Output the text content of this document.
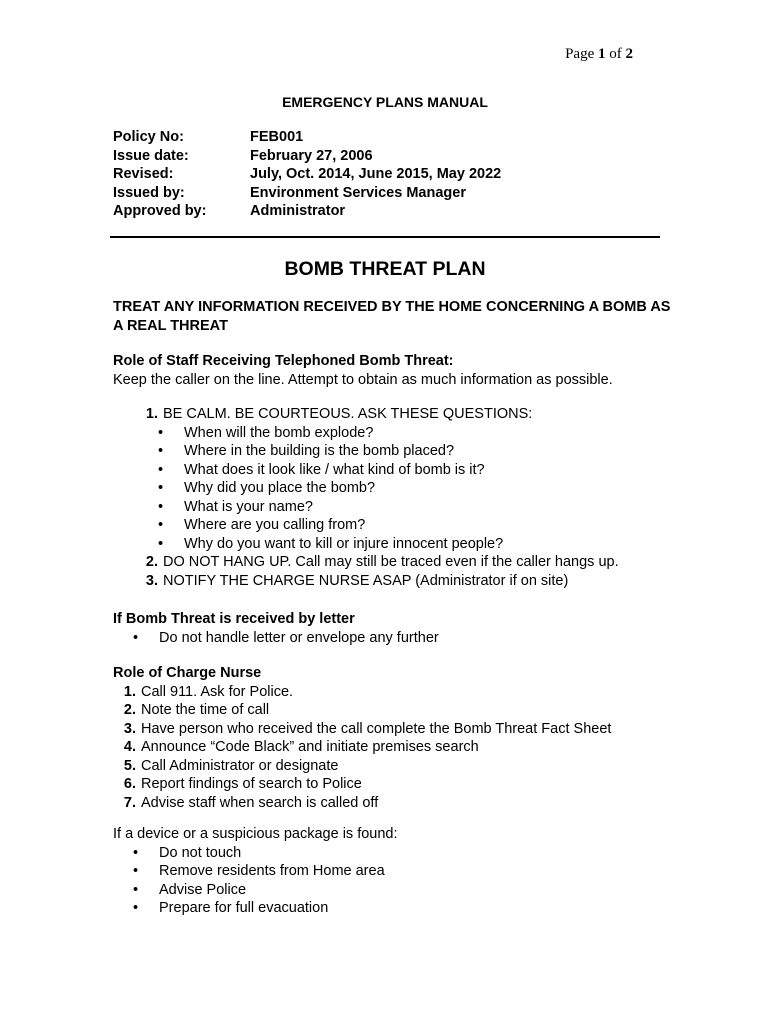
Page 1 of 2
EMERGENCY PLANS MANUAL
Policy No:	FEB001
Issue date:	February 27, 2006
Revised:	July, Oct. 2014, June 2015, May 2022
Issued by:	Environment Services Manager
Approved by:	Administrator
BOMB THREAT PLAN
TREAT ANY INFORMATION RECEIVED BY THE HOME CONCERNING A BOMB AS A REAL THREAT
Role of Staff Receiving Telephoned Bomb Threat:
Keep the caller on the line. Attempt to obtain as much information as possible.
1. BE CALM. BE COURTEOUS. ASK THESE QUESTIONS:
•	When will the bomb explode?
•	Where in the building is the bomb placed?
•	What does it look like / what kind of bomb is it?
•	Why did you place the bomb?
•	What is your name?
•	Where are you calling from?
•	Why do you want to kill or injure innocent people?
2. DO NOT HANG UP. Call may still be traced even if the caller hangs up.
3. NOTIFY THE CHARGE NURSE ASAP (Administrator if on site)
If Bomb Threat is received by letter
•	Do not handle letter or envelope any further
Role of Charge Nurse
1. Call 911. Ask for Police.
2. Note the time of call
3. Have person who received the call complete the Bomb Threat Fact Sheet
4. Announce “Code Black” and initiate premises search
5. Call Administrator or designate
6. Report findings of search to Police
7. Advise staff when search is called off
If a device or a suspicious package is found:
•	Do not touch
•	Remove residents from Home area
•	Advise Police
•	Prepare for full evacuation
